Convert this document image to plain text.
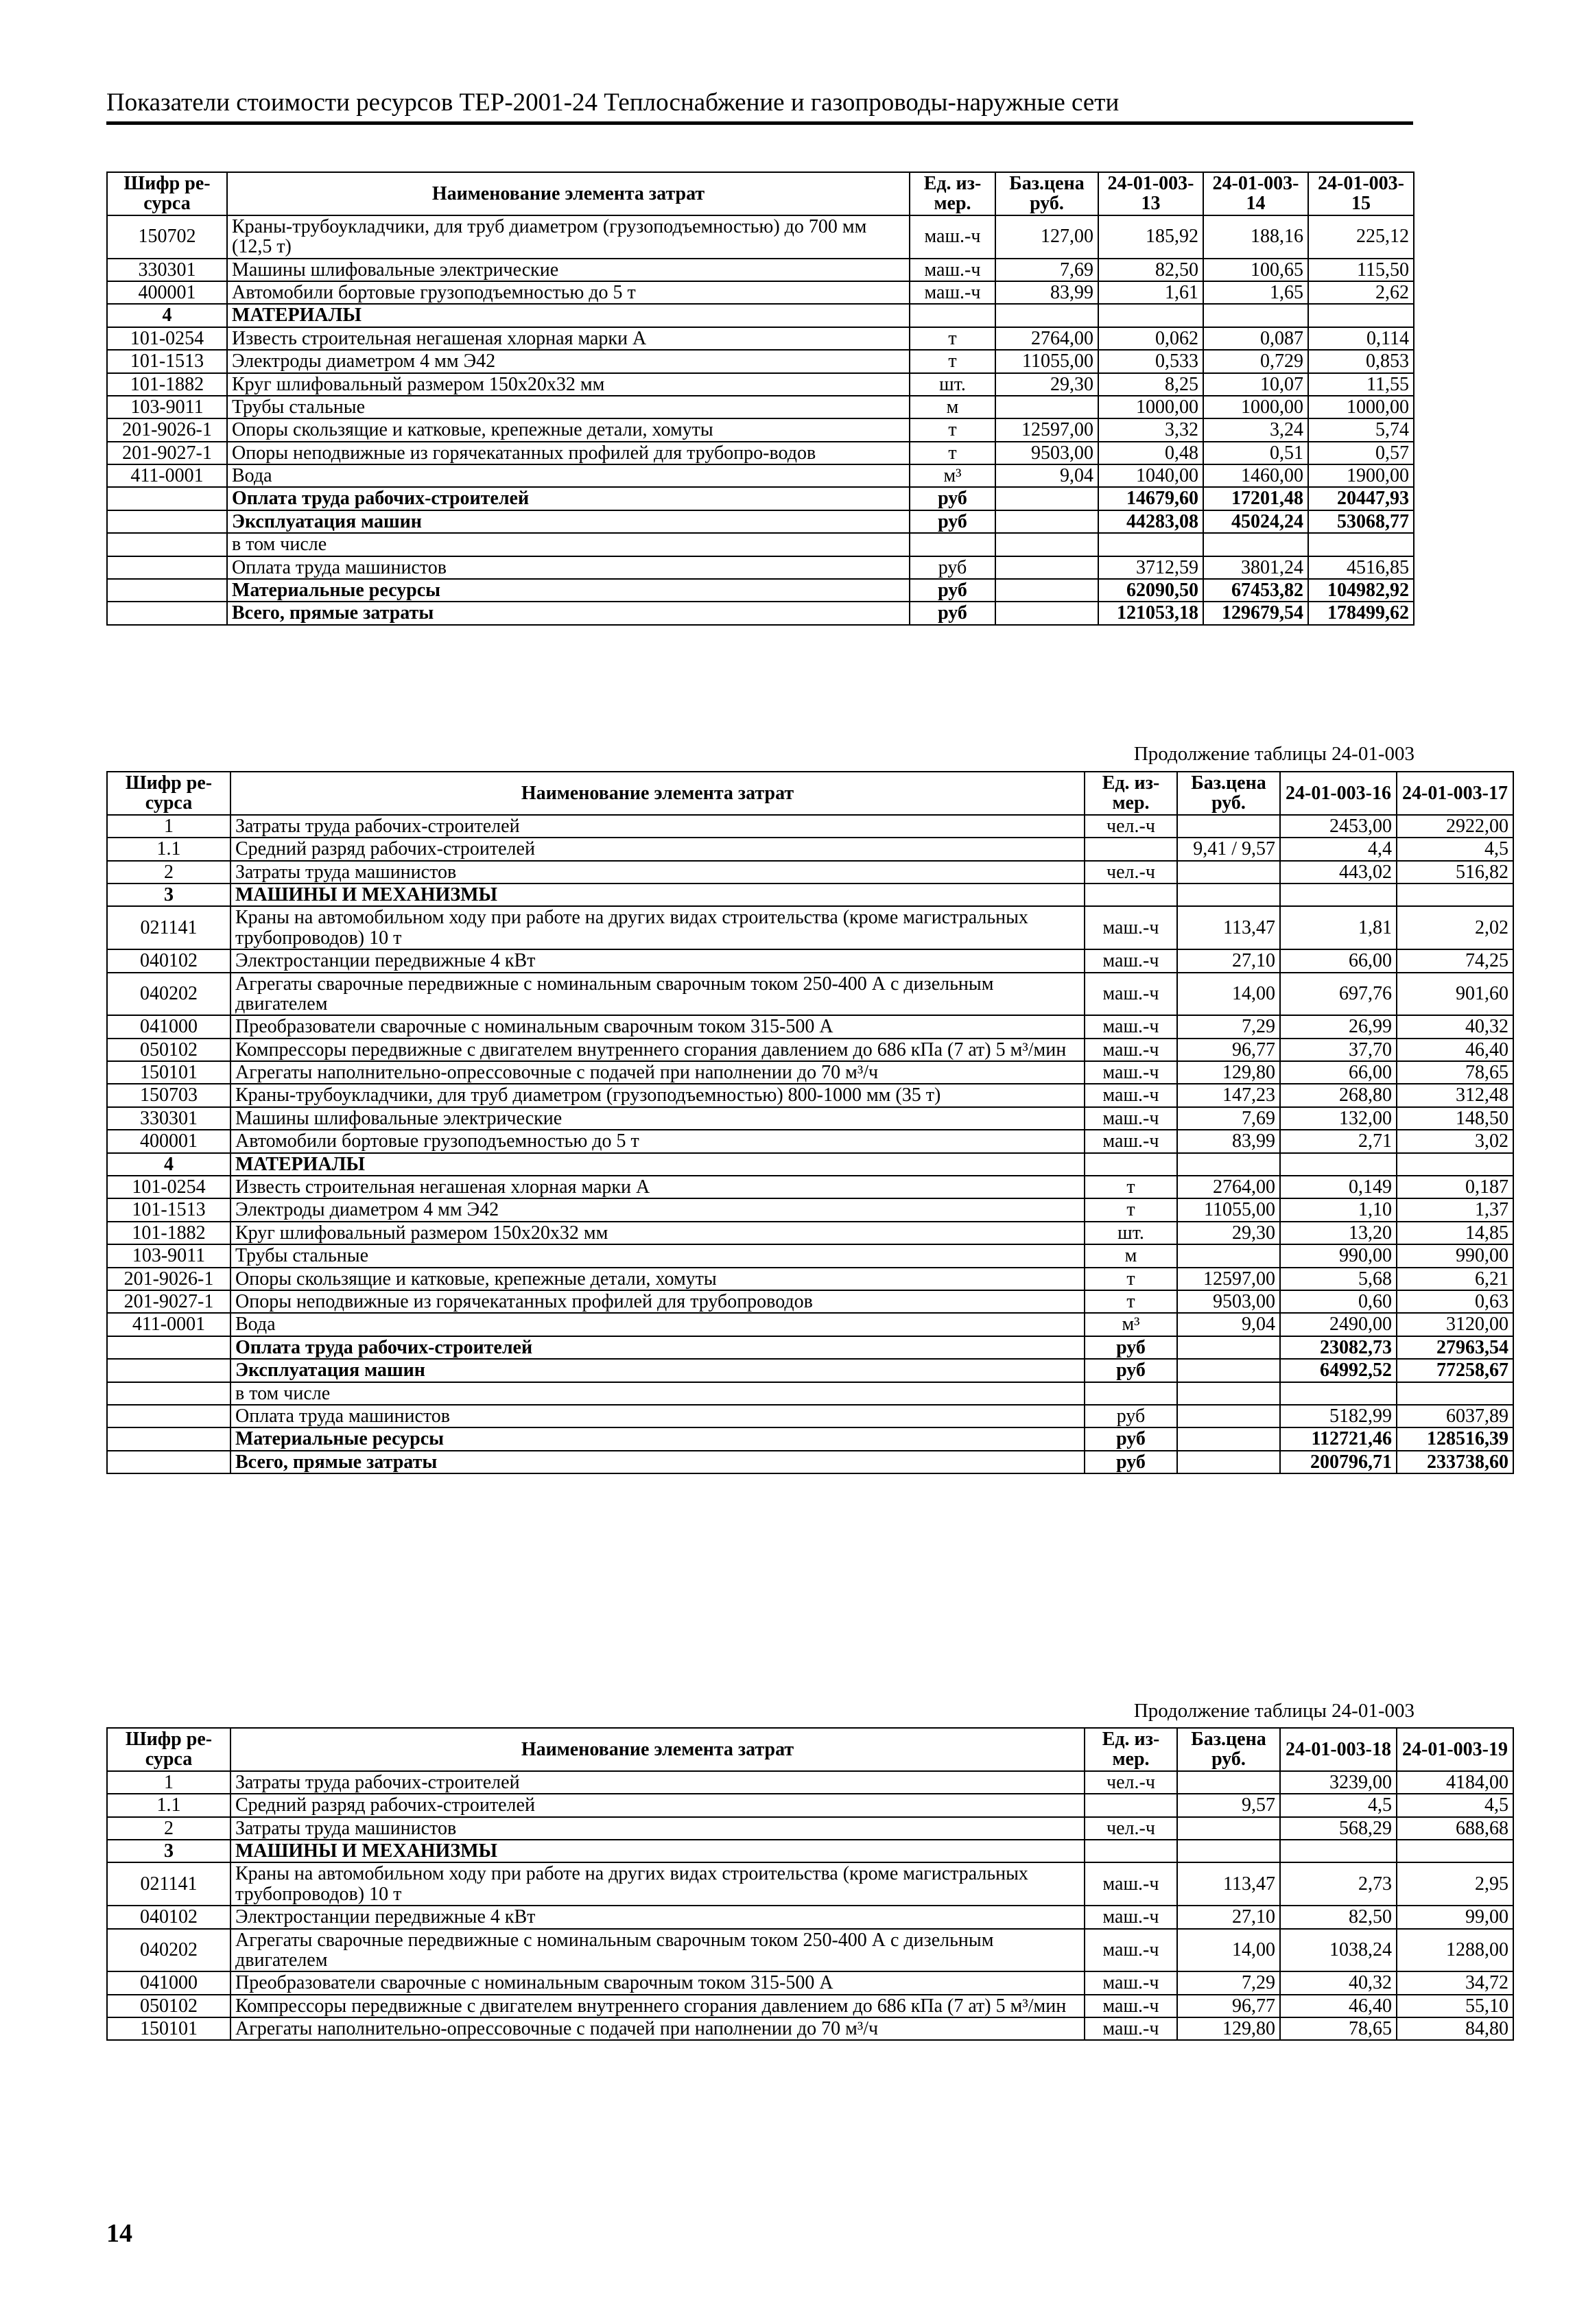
Показатели стоимости ресурсов ТЕР-2001-24 Теплоснабжение и газопроводы-наружные сети
Шифр ре-сурса	Наименование элемента затрат	Ед. из-мер.	Баз.цена руб.	24-01-003-13	24-01-003-14	24-01-003-15
150702	Краны-трубоукладчики, для труб диаметром (грузоподъемностью) до 700 мм (12,5 т)	маш.-ч	127,00	185,92	188,16	225,12
330301	Машины шлифовальные электрические	маш.-ч	7,69	82,50	100,65	115,50
400001	Автомобили бортовые грузоподъемностью до 5 т	маш.-ч	83,99	1,61	1,65	2,62
4	МАТЕРИАЛЫ					
101-0254	Известь строительная негашеная хлорная марки А	т	2764,00	0,062	0,087	0,114
101-1513	Электроды диаметром 4 мм Э42	т	11055,00	0,533	0,729	0,853
101-1882	Круг шлифовальный размером 150х20х32 мм	шт.	29,30	8,25	10,07	11,55
103-9011	Трубы стальные	м		1000,00	1000,00	1000,00
201-9026-1	Опоры скользящие и катковые, крепежные детали, хомуты	т	12597,00	3,32	3,24	5,74
201-9027-1	Опоры неподвижные из горячекатанных профилей для трубопро-водов	т	9503,00	0,48	0,51	0,57
411-0001	Вода	м³	9,04	1040,00	1460,00	1900,00
	Оплата труда рабочих-строителей	руб		14679,60	17201,48	20447,93
	Эксплуатация машин	руб		44283,08	45024,24	53068,77
	в том числе					
	Оплата труда машинистов	руб		3712,59	3801,24	4516,85
	Материальные ресурсы	руб		62090,50	67453,82	104982,92
	Всего, прямые затраты	руб		121053,18	129679,54	178499,62
Продолжение таблицы 24-01-003
Шифр ре-сурса	Наименование элемента затрат	Ед. из-мер.	Баз.цена руб.	24-01-003-16	24-01-003-17
1	Затраты труда рабочих-строителей	чел.-ч		2453,00	2922,00
1.1	Средний разряд рабочих-строителей		9,41 / 9,57	4,4	4,5
2	Затраты труда машинистов	чел.-ч		443,02	516,82
3	МАШИНЫ И МЕХАНИЗМЫ				
021141	Краны на автомобильном ходу при работе на других видах строительства (кроме магистральных трубопроводов) 10 т	маш.-ч	113,47	1,81	2,02
040102	Электростанции передвижные 4 кВт	маш.-ч	27,10	66,00	74,25
040202	Агрегаты сварочные передвижные с номинальным сварочным током 250-400 А с дизельным двигателем	маш.-ч	14,00	697,76	901,60
041000	Преобразователи сварочные с номинальным сварочным током 315-500 А	маш.-ч	7,29	26,99	40,32
050102	Компрессоры передвижные с двигателем внутреннего сгорания давлением до 686 кПа (7 ат) 5 м³/мин	маш.-ч	96,77	37,70	46,40
150101	Агрегаты наполнительно-опрессовочные с подачей при наполнении до 70 м³/ч	маш.-ч	129,80	66,00	78,65
150703	Краны-трубоукладчики, для труб диаметром (грузоподъемностью) 800-1000 мм (35 т)	маш.-ч	147,23	268,80	312,48
330301	Машины шлифовальные электрические	маш.-ч	7,69	132,00	148,50
400001	Автомобили бортовые грузоподъемностью до 5 т	маш.-ч	83,99	2,71	3,02
4	МАТЕРИАЛЫ				
101-0254	Известь строительная негашеная хлорная марки А	т	2764,00	0,149	0,187
101-1513	Электроды диаметром 4 мм Э42	т	11055,00	1,10	1,37
101-1882	Круг шлифовальный размером 150х20х32 мм	шт.	29,30	13,20	14,85
103-9011	Трубы стальные	м		990,00	990,00
201-9026-1	Опоры скользящие и катковые, крепежные детали, хомуты	т	12597,00	5,68	6,21
201-9027-1	Опоры неподвижные из горячекатанных профилей для трубопроводов	т	9503,00	0,60	0,63
411-0001	Вода	м³	9,04	2490,00	3120,00
	Оплата труда рабочих-строителей	руб		23082,73	27963,54
	Эксплуатация машин	руб		64992,52	77258,67
	в том числе				
	Оплата труда машинистов	руб		5182,99	6037,89
	Материальные ресурсы	руб		112721,46	128516,39
	Всего, прямые затраты	руб		200796,71	233738,60
Продолжение таблицы 24-01-003
Шифр ре-сурса	Наименование элемента затрат	Ед. из-мер.	Баз.цена руб.	24-01-003-18	24-01-003-19
1	Затраты труда рабочих-строителей	чел.-ч		3239,00	4184,00
1.1	Средний разряд рабочих-строителей		9,57	4,5	4,5
2	Затраты труда машинистов	чел.-ч		568,29	688,68
3	МАШИНЫ И МЕХАНИЗМЫ				
021141	Краны на автомобильном ходу при работе на других видах строительства (кроме магистральных трубопроводов) 10 т	маш.-ч	113,47	2,73	2,95
040102	Электростанции передвижные 4 кВт	маш.-ч	27,10	82,50	99,00
040202	Агрегаты сварочные передвижные с номинальным сварочным током 250-400 А с дизельным двигателем	маш.-ч	14,00	1038,24	1288,00
041000	Преобразователи сварочные с номинальным сварочным током 315-500 А	маш.-ч	7,29	40,32	34,72
050102	Компрессоры передвижные с двигателем внутреннего сгорания давлением до 686 кПа (7 ат) 5 м³/мин	маш.-ч	96,77	46,40	55,10
150101	Агрегаты наполнительно-опрессовочные с подачей при наполнении до 70 м³/ч	маш.-ч	129,80	78,65	84,80
14
